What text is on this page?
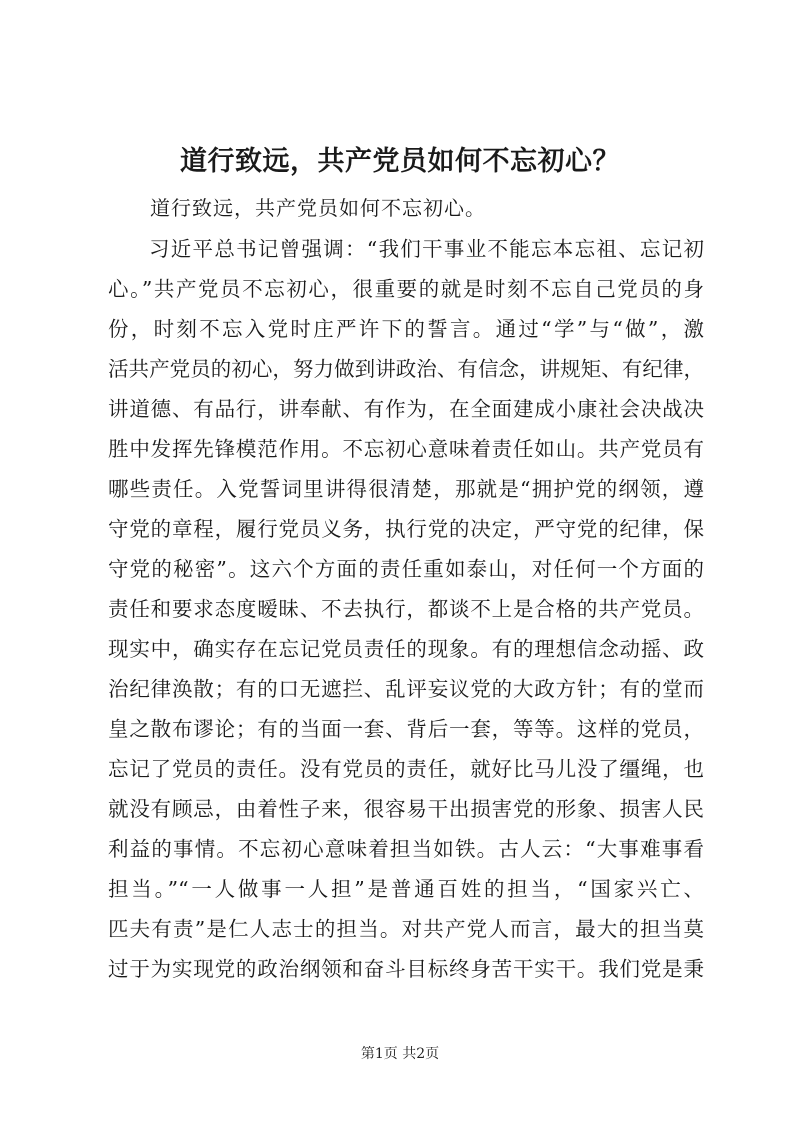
道行致远，共产党员如何不忘初心？

道行致远，共产党员如何不忘初心。

习近平总书记曾强调：“我们干事业不能忘本忘祖、忘记初
心。”共产党员不忘初心，很重要的就是时刻不忘自己党员的身
份，时刻不忘入党时庄严许下的誓言。通过“学”与“做”，激
活共产党员的初心，努力做到讲政治、有信念，讲规矩、有纪律，
讲道德、有品行，讲奉献、有作为，在全面建成小康社会决战决
胜中发挥先锋模范作用。不忘初心意味着责任如山。共产党员有
哪些责任。入党誓词里讲得很清楚，那就是“拥护党的纲领，遵
守党的章程，履行党员义务，执行党的决定，严守党的纪律，保
守党的秘密”。这六个方面的责任重如泰山，对任何一个方面的
责任和要求态度暧昧、不去执行，都谈不上是合格的共产党员。
现实中，确实存在忘记党员责任的现象。有的理想信念动摇、政
治纪律涣散；有的口无遮拦、乱评妄议党的大政方针；有的堂而
皇之散布谬论；有的当面一套、背后一套，等等。这样的党员，
忘记了党员的责任。没有党员的责任，就好比马儿没了缰绳，也
就没有顾忌，由着性子来，很容易干出损害党的形象、损害人民
利益的事情。不忘初心意味着担当如铁。古人云：“大事难事看
担当。”“一人做事一人担”是普通百姓的担当，“国家兴亡、
匹夫有责”是仁人志士的担当。对共产党人而言，最大的担当莫
过于为实现党的政治纲领和奋斗目标终身苦干实干。我们党是秉
第1页 共2页
